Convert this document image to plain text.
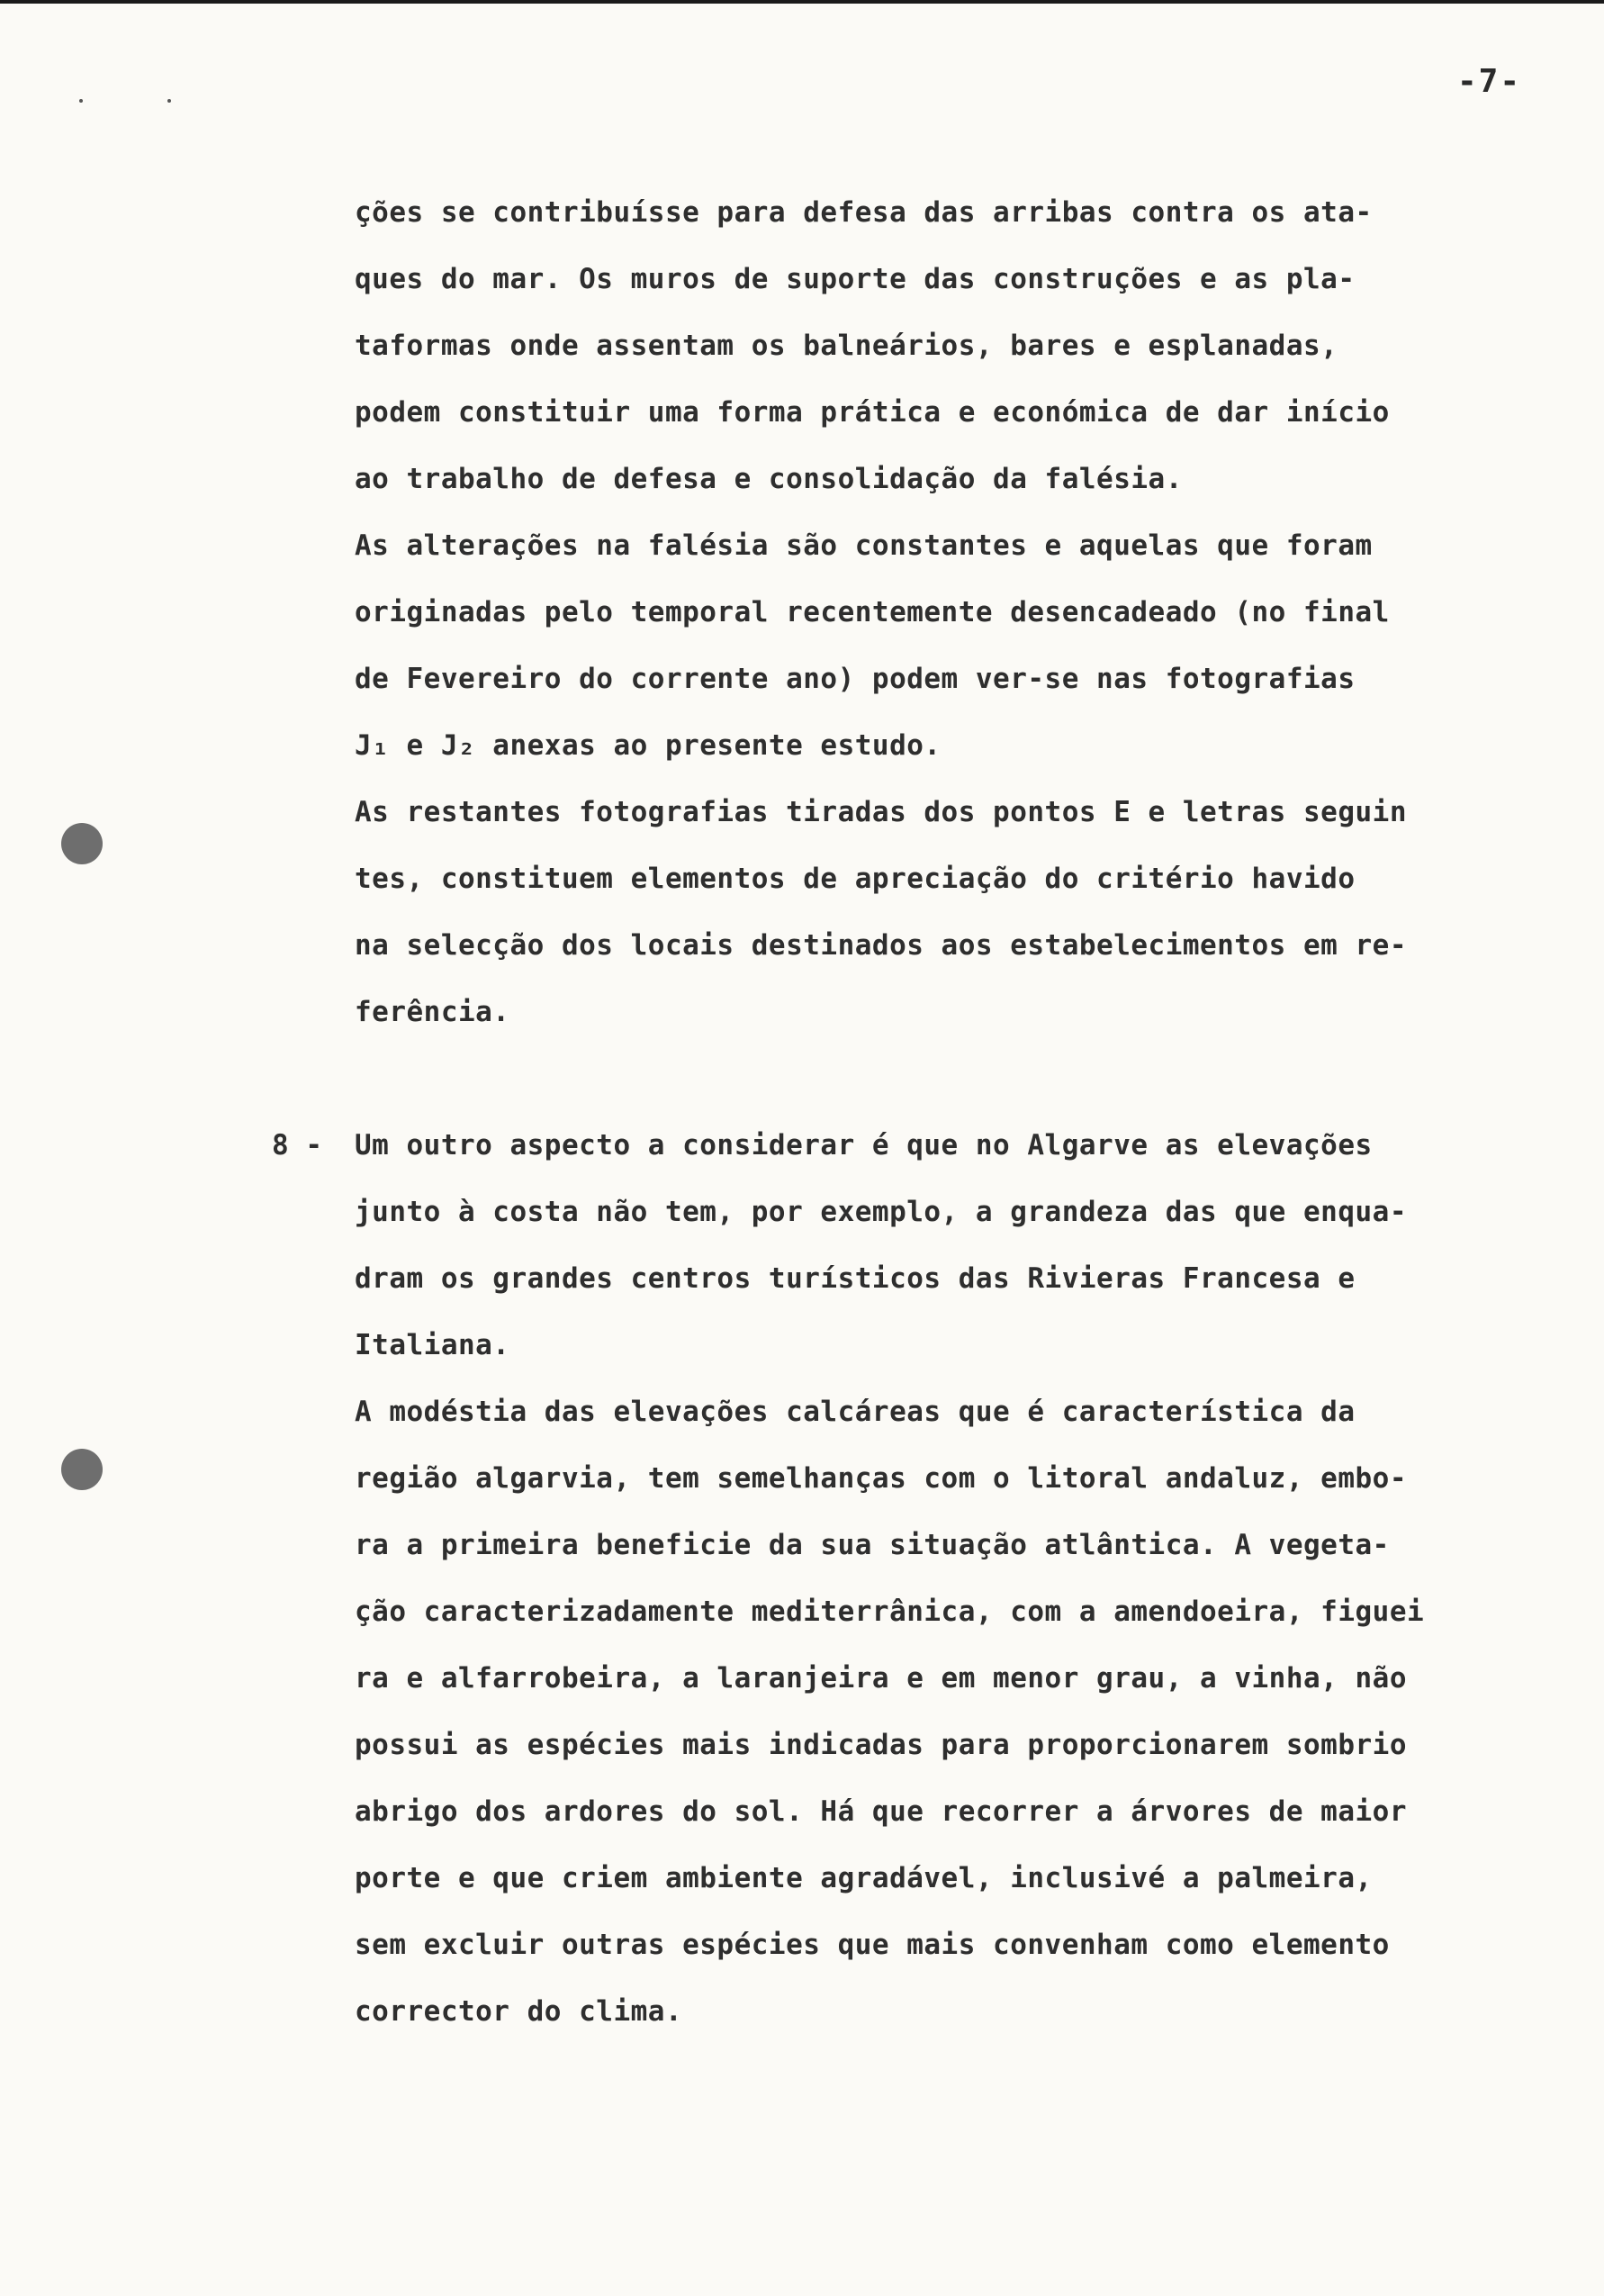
-7-
ções se contribuísse para defesa das arribas contra os ata-
ques do mar. Os muros de suporte das construções e as pla-
taformas onde assentam os balneários, bares e esplanadas,
podem constituir uma forma prática e económica de dar início
ao trabalho de defesa e consolidação da falésia.
As alterações na falésia são constantes e aquelas que foram
originadas pelo temporal recentemente desencadeado (no final
de Fevereiro do corrente ano) podem ver-se nas fotografias
J₁ e J₂ anexas ao presente estudo.
As restantes fotografias tiradas dos pontos E e letras seguin
tes, constituem elementos de apreciação do critério havido
na selecção dos locais destinados aos estabelecimentos em re-
ferência.
8 - Um outro aspecto a considerar é que no Algarve as elevações
junto à costa não tem, por exemplo, a grandeza das que enqua-
dram os grandes centros turísticos das Rivieras Francesa e
Italiana.
A modéstia das elevações calcáreas que é característica da
região algarvia, tem semelhanças com o litoral andaluz, embo-
ra a primeira beneficie da sua situação atlântica. A vegeta-
ção caracterizadamente mediterrânica, com a amendoeira, figuei
ra e alfarrobeira, a laranjeira e em menor grau, a vinha, não
possui as espécies mais indicadas para proporcionarem sombrio
abrigo dos ardores do sol. Há que recorrer a árvores de maior
porte e que criem ambiente agradável, inclusivé a palmeira,
sem excluir outras espécies que mais convenham como elemento
corrector do clima.
